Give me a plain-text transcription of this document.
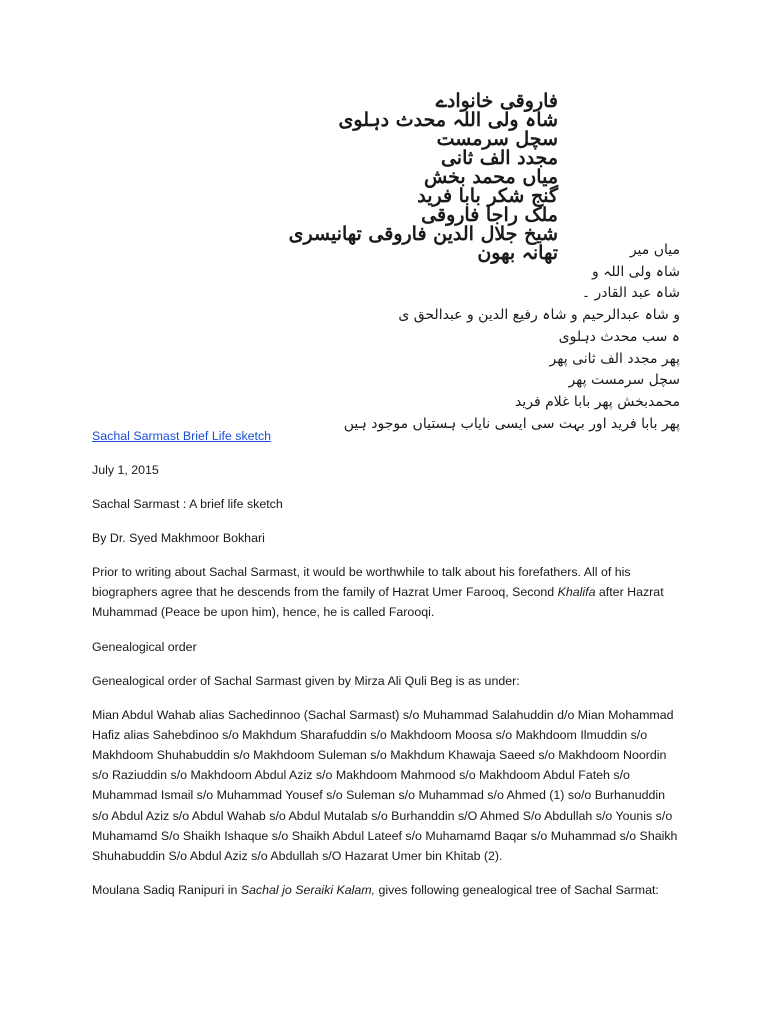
فاروقی خانوادے
شاہ ولی اللہ محدث دہلوی
سچل سرمست
مجدد الف ثانی
میاں محمد بخش
گنج شکر بابا فرید
ملک راجا فاروقی
شیخ جلال الدین فاروقی تھانیسری
تھانہ بھون	میاں میر
شاہ ولی اللہ و
شاہ عبد القادر ۔
و شاہ عبدالرحیم و شاہ رفیع الدین و عبدالحق ی
ہ سب محدث دہلوی
پھر مجدد الف ثانی پھر
سچل سرمست پھر
محمدبخش پھر بابا غلام فرید
پھر بابا فرید اور بہت سی ایسی نایاب ہستیاں موجود ہیں

Sachal Sarmast Brief Life sketch

July 1, 2015

Sachal Sarmast : A brief life sketch

By Dr. Syed Makhmoor Bokhari

Prior to writing about Sachal Sarmast, it would be worthwhile to talk about his forefathers. All of his biographers agree that he descends from the family of Hazrat Umer Farooq, Second Khalifa after Hazrat Muhammad (Peace be upon him), hence, he is called Farooqi.

Genealogical order

Genealogical order of Sachal Sarmast given by Mirza Ali Quli Beg is as under:

Mian Abdul Wahab alias Sachedinnoo (Sachal Sarmast) s/o Muhammad Salahuddin d/o Mian Mohammad Hafiz alias Sahebdinoo s/o Makhdum Sharafuddin s/o Makhdoom Moosa s/o Makhdoom Ilmuddin s/o Makhdoom Shuhabuddin s/o Makhdoom Suleman s/o Makhdum Khawaja Saeed s/o Makhdoom Noordin s/o Raziuddin s/o Makhdoom Abdul Aziz s/o Makhdoom Mahmood s/o Makhdoom Abdul Fateh s/o Muhammad Ismail s/o Muhammad Yousef s/o Suleman s/o Muhammad s/o Ahmed (1) so/o Burhanuddin s/o Abdul Aziz s/o Abdul Wahab s/o Abdul Mutalab s/o Burhanddin s/O Ahmed S/o Abdullah s/o Younis s/o Muhamamd S/o Shaikh Ishaque s/o Shaikh Abdul Lateef s/o Muhamamd Baqar s/o Muhammad s/o Shaikh Shuhabuddin S/o Abdul Aziz s/o Abdullah s/O Hazarat Umer bin Khitab (2).

Moulana Sadiq Ranipuri in Sachal jo Seraiki Kalam, gives following genealogical tree of Sachal Sarmat:
